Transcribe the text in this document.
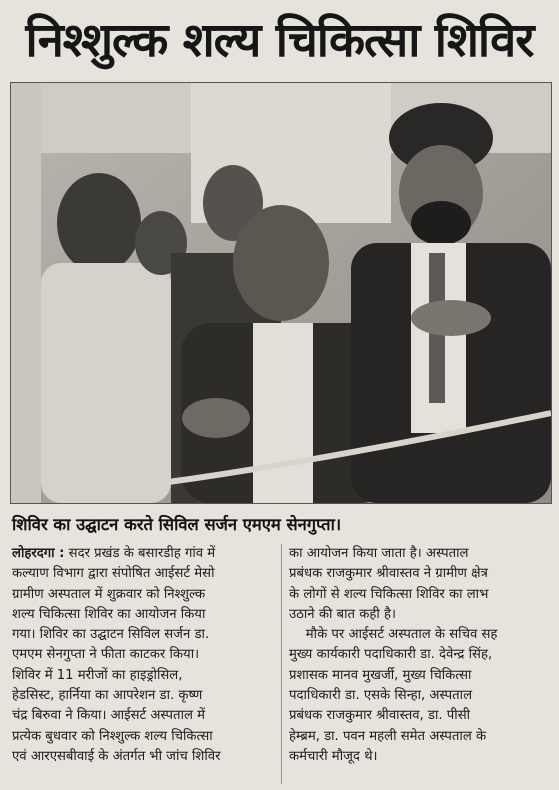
निश्शुल्क शल्य चिकित्सा शिविर
शिविर का उद्घाटन करते सिविल सर्जन एमएम सेनगुप्ता।

लोहरदगा : सदर प्रखंड के बसारडीह गांव में

कल्याण विभाग द्वारा संपोषित आईसर्ट मेसो

ग्रामीण अस्पताल में शुक्रवार को निश्शुल्क

शल्य चिकित्सा शिविर का आयोजन किया

गया। शिविर का उद्घाटन सिविल सर्जन डा.

एमएम सेनगुप्ता ने फीता काटकर किया।

शिविर में 11 मरीजों का हाइड्रोसिल,

हेडसिस्ट, हार्निया का आपरेशन डा. कृष्ण

चंद्र बिरुवा ने किया। आईसर्ट अस्पताल में

प्रत्येक बुधवार को निश्शुल्क शल्य चिकित्सा

एवं आरएसबीवाई के अंतर्गत भी जांच शिविर

का आयोजन किया जाता है। अस्पताल

प्रबंधक राजकुमार श्रीवास्तव ने ग्रामीण क्षेत्र

के लोगों से शल्य चिकित्सा शिविर का लाभ

उठाने की बात कही है।

मौके पर आईसर्ट अस्पताल के सचिव सह

मुख्य कार्यकारी पदाधिकारी डा. देवेन्द्र सिंह,

प्रशासक मानव मुखर्जी, मुख्य चिकित्सा

पदाधिकारी डा. एसके सिन्हा, अस्पताल

प्रबंधक राजकुमार श्रीवास्तव, डा. पीसी

हेम्ब्रम, डा. पवन महली समेत अस्पताल के

कर्मचारी मौजूद थे।
